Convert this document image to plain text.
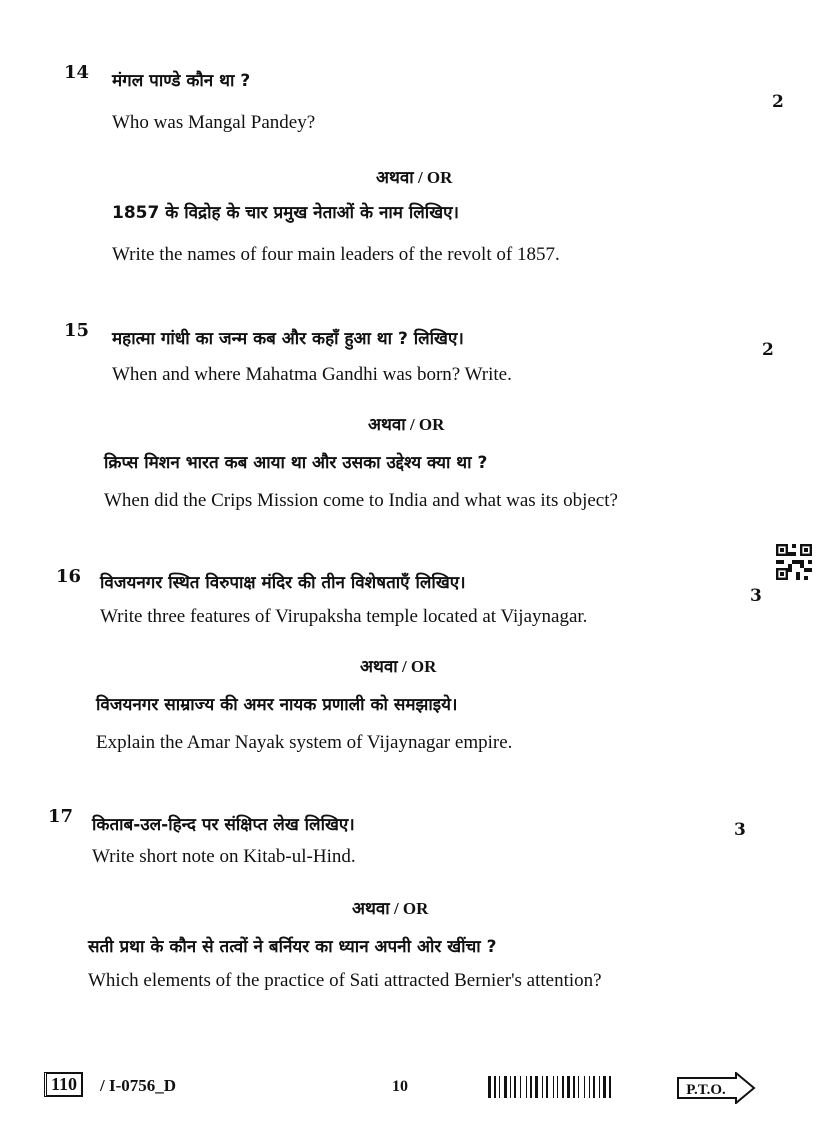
14 मंगल पाण्डे कौन था ?
2
Who was Mangal Pandey?
अथवा / OR
1857 के विद्रोह के चार प्रमुख नेताओं के नाम लिखिए।
Write the names of four main leaders of the revolt of 1857.
15 महात्मा गांधी का जन्म कब और कहाँ हुआ था ? लिखिए।
2
When and where Mahatma Gandhi was born? Write.
अथवा / OR
क्रिप्स मिशन भारत कब आया था और उसका उद्देश्य क्या था ?
When did the Crips Mission come to India and what was its object?
16 विजयनगर स्थित विरुपाक्ष मंदिर की तीन विशेषताएँ लिखिए।
3
Write three features of Virupaksha temple located at Vijaynagar.
अथवा / OR
विजयनगर साम्राज्य की अमर नायक प्रणाली को समझाइये।
Explain the Amar Nayak system of Vijaynagar empire.
17 किताब-उल-हिन्द पर संक्षिप्त लेख लिखिए।	3
Write short note on Kitab-ul-Hind.
अथवा / OR
सती प्रथा के कौन से तत्वों ने बर्नियर का ध्यान अपनी ओर खींचा ?
Which elements of the practice of Sati attracted Bernier's attention?
110	/ I-0756_D	10	P.T.O.
